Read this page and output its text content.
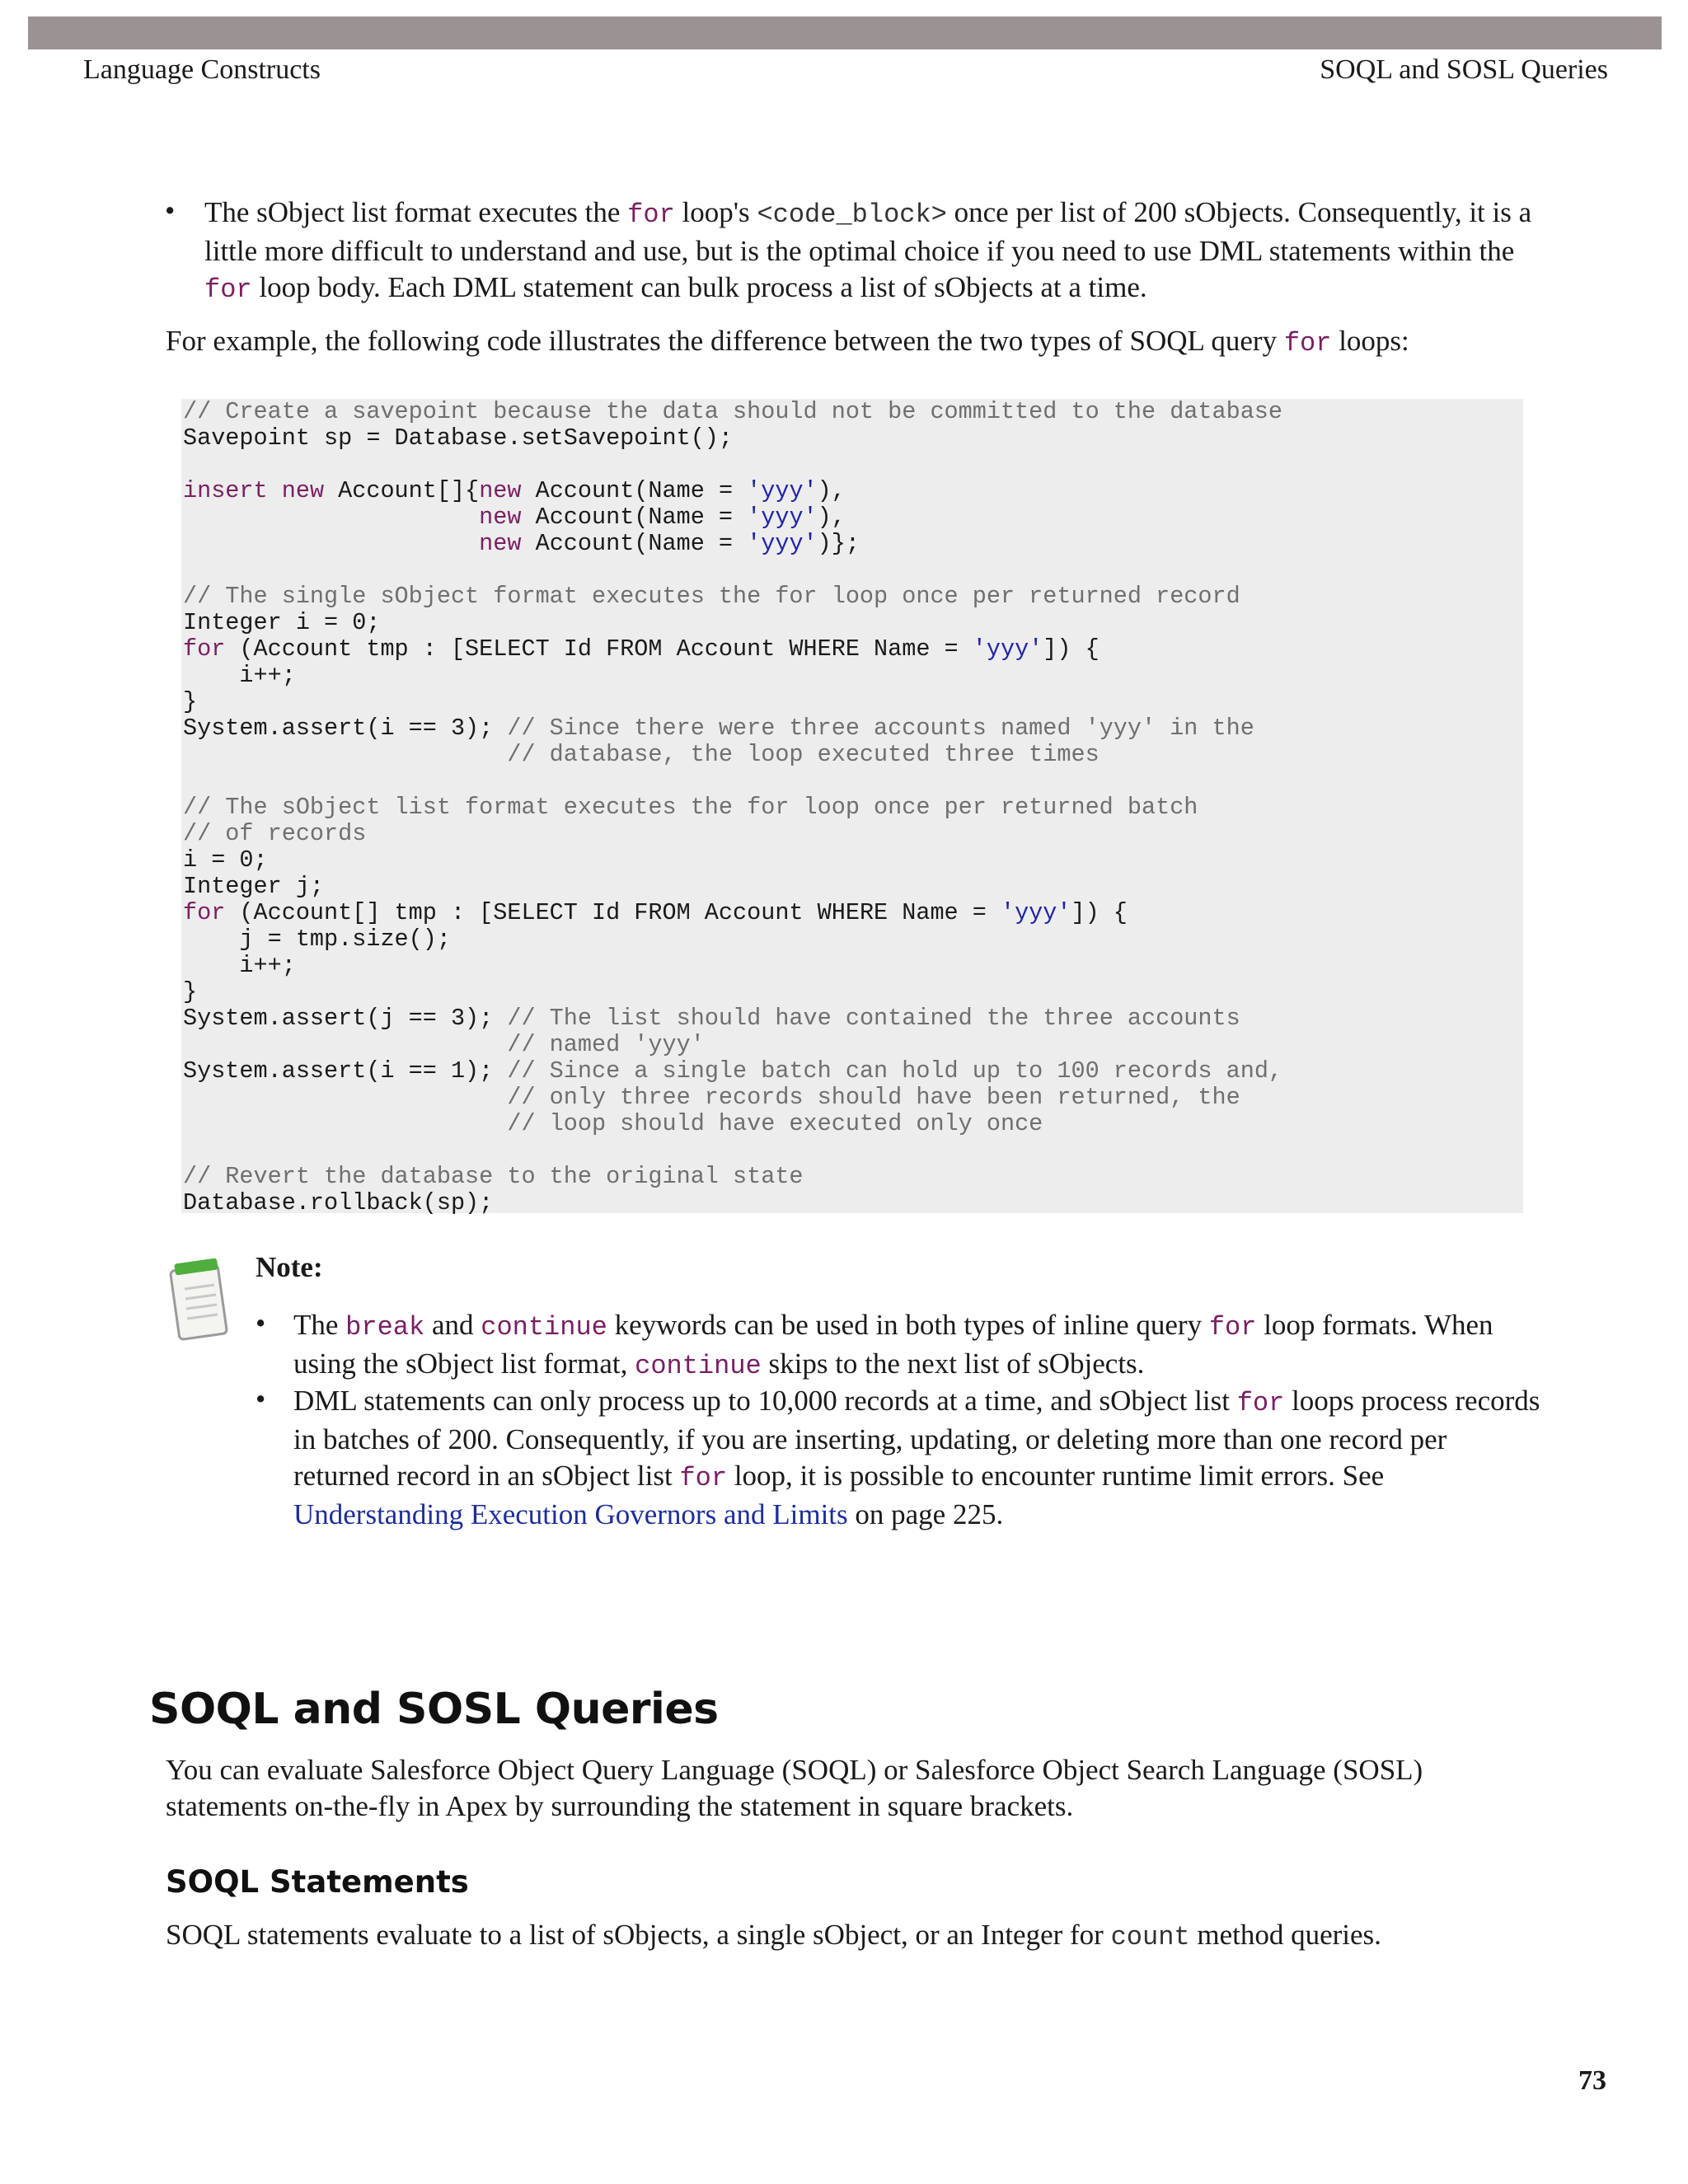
Language Constructs	SOQL and SOSL Queries
• The sObject list format executes the for loop's <code_block> once per list of 200 sObjects. Consequently, it is a little more difficult to understand and use, but is the optimal choice if you need to use DML statements within the for loop body. Each DML statement can bulk process a list of sObjects at a time.
For example, the following code illustrates the difference between the two types of SOQL query for loops:
// Create a savepoint because the data should not be committed to the database
Savepoint sp = Database.setSavepoint();

insert new Account[]{new Account(Name = 'yyy'),
new Account(Name = 'yyy'),
new Account(Name = 'yyy')};

// The single sObject format executes the for loop once per returned record
Integer i = 0;
for (Account tmp : [SELECT Id FROM Account WHERE Name = 'yyy']) {
i++;
}
System.assert(i == 3); // Since there were three accounts named 'yyy' in the
// database, the loop executed three times

// The sObject list format executes the for loop once per returned batch
// of records
i = 0;
Integer j;
for (Account[] tmp : [SELECT Id FROM Account WHERE Name = 'yyy']) {
j = tmp.size();
i++;
}
System.assert(j == 3); // The list should have contained the three accounts
// named 'yyy'
System.assert(i == 1); // Since a single batch can hold up to 100 records and,
// only three records should have been returned, the
// loop should have executed only once

// Revert the database to the original state
Database.rollback(sp);
Note:
• The break and continue keywords can be used in both types of inline query for loop formats. When using the sObject list format, continue skips to the next list of sObjects.
• DML statements can only process up to 10,000 records at a time, and sObject list for loops process records in batches of 200. Consequently, if you are inserting, updating, or deleting more than one record per returned record in an sObject list for loop, it is possible to encounter runtime limit errors. See Understanding Execution Governors and Limits on page 225.
SOQL and SOSL Queries
You can evaluate Salesforce Object Query Language (SOQL) or Salesforce Object Search Language (SOSL) statements on-the-fly in Apex by surrounding the statement in square brackets.
SOQL Statements
SOQL statements evaluate to a list of sObjects, a single sObject, or an Integer for count method queries.
73
